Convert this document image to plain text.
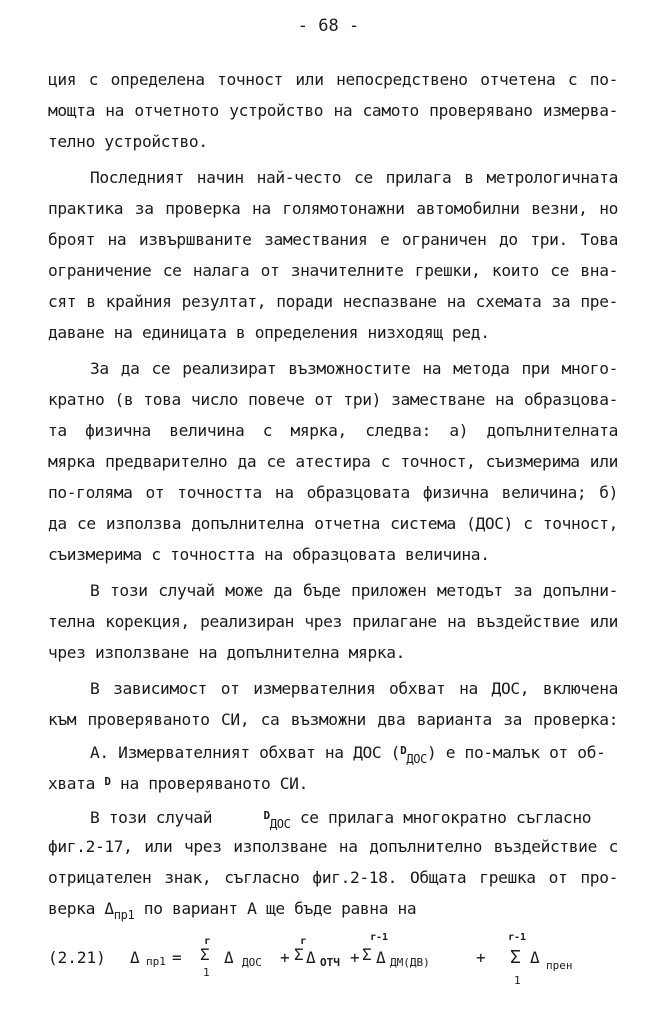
- 68 -
ция с определена точност или непосредствено отчетена с по-
мощта на отчетното устройство на самото проверявано измерва-
телно устройство.
Последният начин най-често се прилага в метрологичната
практика за проверка на голямотонажни автомобилни везни, но
броят на извършваните замествания е ограничен до три. Това
ограничение се налага от значителните грешки, които се вна-
сят в крайния резултат, поради неспазване на схемата за пре-
даване на единицата в определения низходящ ред.
За да се реализират възможностите на метода при много-
кратно (в това число повече от три) заместване на образцова-
та физична величина с мярка, следва: а) допълнителната
мярка предварително да се атестира с точност, съизмерима или
по-голяма от точността на образцовата физична величина; б)
да се използва допълнителна отчетна система (ДОС) с точност,
съизмерима с точността на образцовата величина.
В този случай може да бъде приложен методът за допълни-
телна корекция, реализиран чрез прилагане на въздействие или
чрез използване на допълнителна мярка.
В зависимост от измервателния обхват на ДОС, включена
към проверяваното СИ, са възможни два варианта за проверка:
А. Измервателният обхват на ДОС ($^D_{ДОС}$) е по-малък от об-
хвата $^D$ на проверяваното СИ.
В този случай	$^D_{ДОС}$ се прилага многократно съгласно
фиг.2-17, или чрез използване на допълнително въздействие с
отрицателен знак, съгласно фиг.2-18. Общата грешка от про-
верка $\Delta_{пр1}$ по вариант А ще бъде равна на
(2.21) Δ пр1 =
r
Σ
1
Δ ДОС +
r
Σ Δ ОТЧ +
r-1
Σ Δ ДМ(ДВ)	+
r-1
Σ
1
Δ прен
